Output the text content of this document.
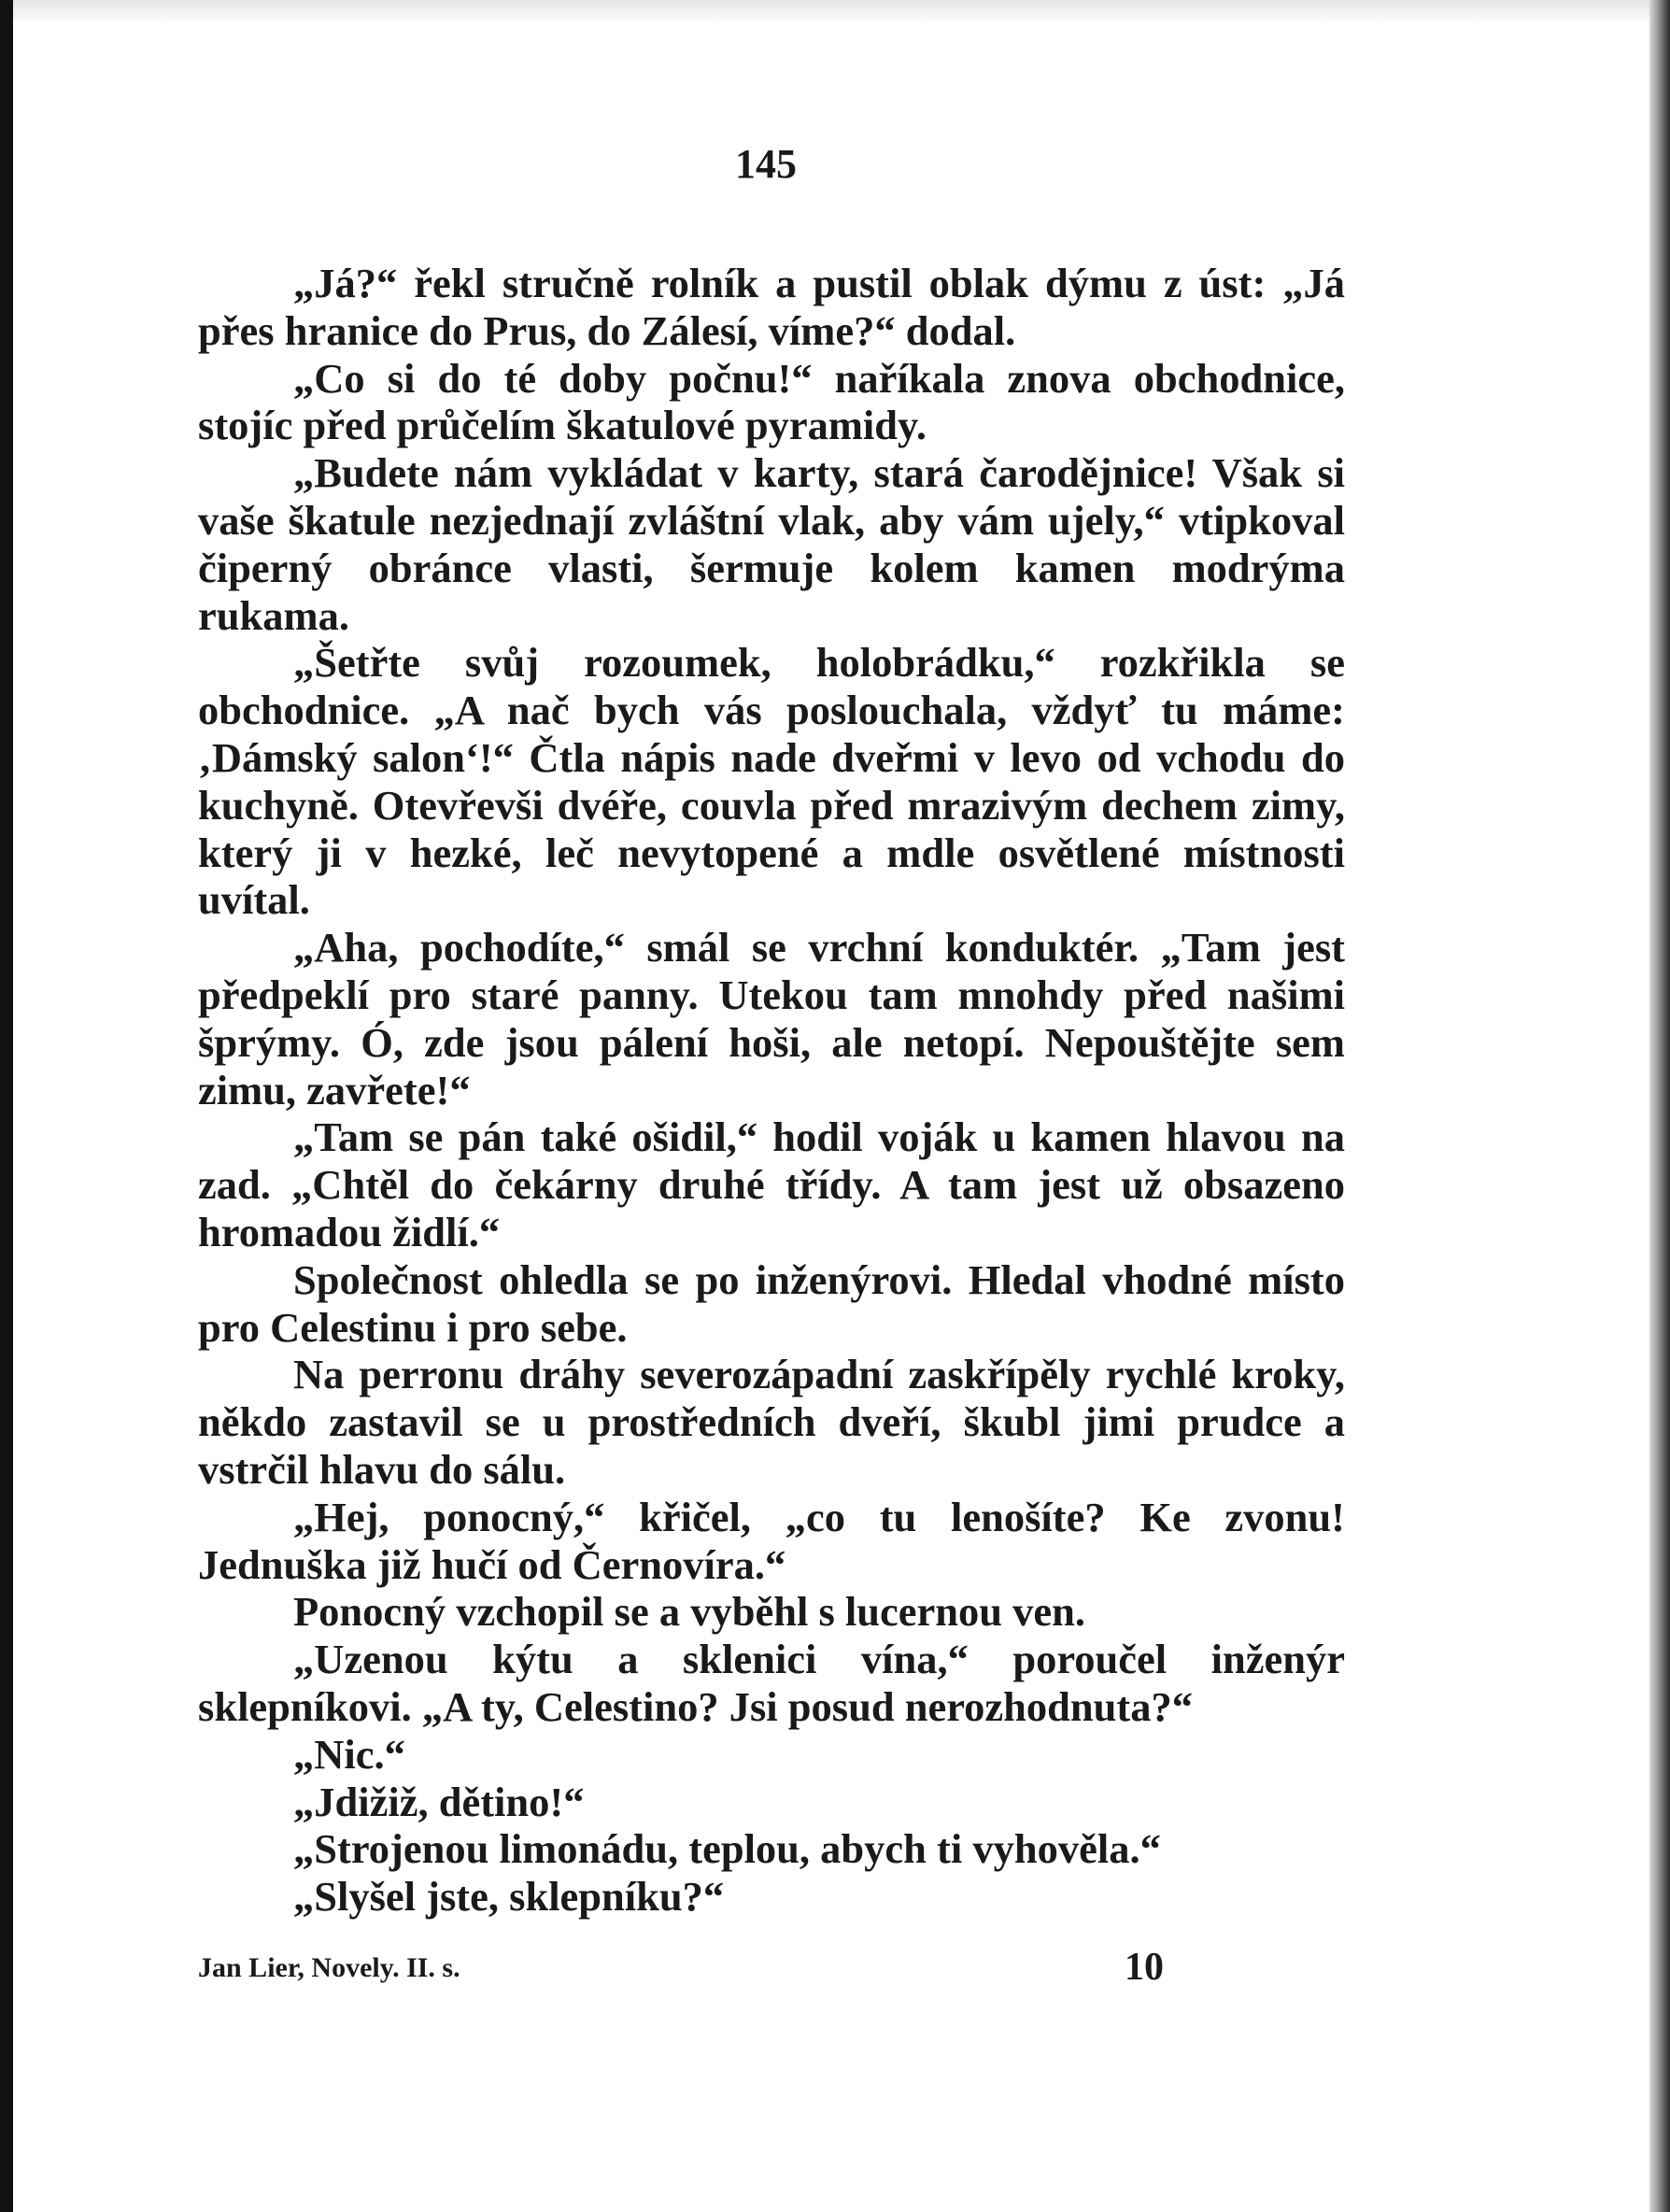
145

„Já?“ řekl stručně rolník a pustil oblak dýmu z úst: „Já přes hranice do Prus, do Zálesí, víme?“ dodal.

„Co si do té doby počnu!“ naříkala znova obchodnice, stojíc před průčelím škatulové pyramidy.

„Budete nám vykládat v karty, stará čarodějnice! Však si vaše škatule nezjednají zvláštní vlak, aby vám ujely,“ vtipkoval čiperný obránce vlasti, šermuje kolem kamen modrýma rukama.

„Šetřte svůj rozoumek, holobrádku,“ rozkřikla se obchodnice. „A nač bych vás poslouchala, vždyť tu máme: ‚Dámský salon‘!“ Čtla nápis nade dveřmi v levo od vchodu do kuchyně. Otevřevši dvéře, couvla před mrazivým dechem zimy, který ji v hezké, leč nevytopené a mdle osvětlené místnosti uvítal.

„Aha, pochodíte,“ smál se vrchní konduktér. „Tam jest předpeklí pro staré panny. Utekou tam mnohdy před našimi šprýmy. Ó, zde jsou pálení hoši, ale netopí. Nepouštějte sem zimu, zavřete!“

„Tam se pán také ošidil,“ hodil voják u kamen hlavou na zad. „Chtěl do čekárny druhé třídy. A tam jest už obsazeno hromadou židlí.“

Společnost ohledla se po inženýrovi. Hledal vhodné místo pro Celestinu i pro sebe.

Na perronu dráhy severozápadní zaskřípěly rychlé kroky, někdo zastavil se u prostředních dveří, škubl jimi prudce a vstrčil hlavu do sálu.

„Hej, ponocný,“ křičel, „co tu lenošíte? Ke zvonu! Jednuška již hučí od Černovíra.“

Ponocný vzchopil se a vyběhl s lucernou ven.

„Uzenou kýtu a sklenici vína,“ poroučel inženýr sklepníkovi. „A ty, Celestino? Jsi posud nerozhodnuta?“

„Nic.“

„Jdižiž, dětino!“

„Strojenou limonádu, teplou, abych ti vyhověla.“

„Slyšel jste, sklepníku?“

Jan Lier, Novely. II. s.	10
